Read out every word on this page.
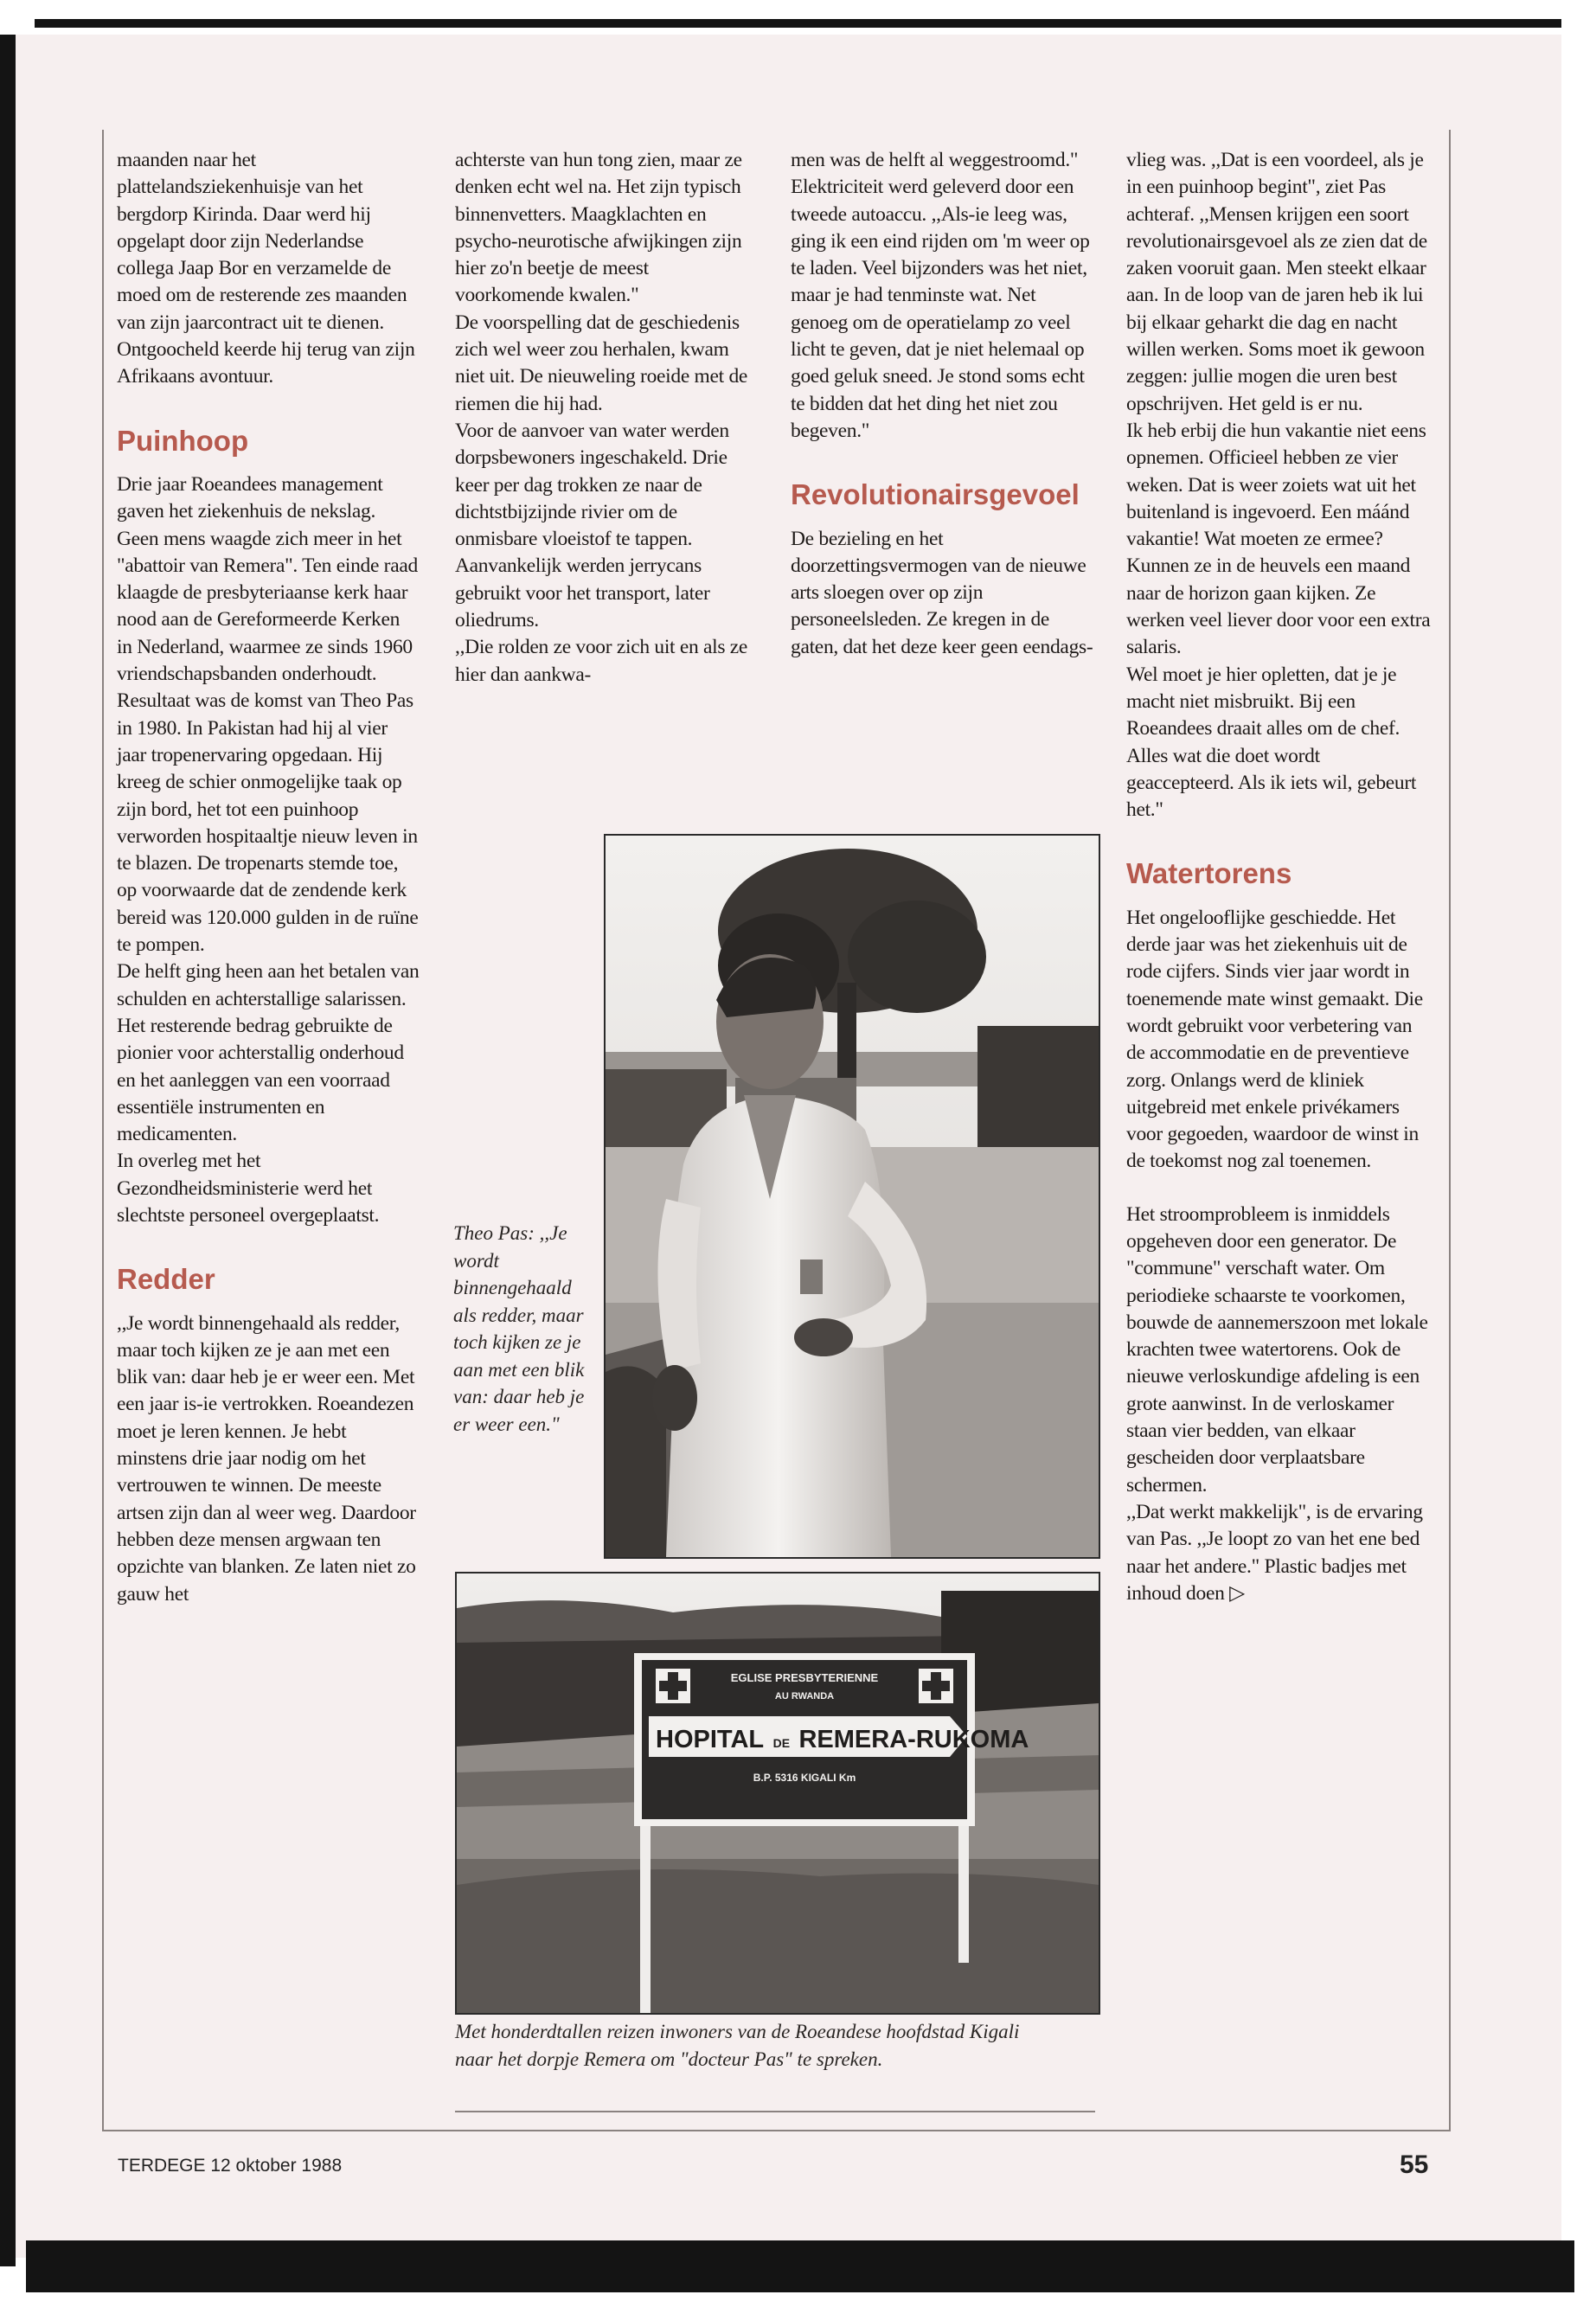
maanden naar het plattelandsziekenhuisje van het bergdorp Kirinda. Daar werd hij opgelapt door zijn Nederlandse collega Jaap Bor en verzamelde de moed om de resterende zes maanden van zijn jaarcontract uit te dienen. Ontgoocheld keerde hij terug van zijn Afrikaans avontuur.

Puinhoop

Drie jaar Roeandees management gaven het ziekenhuis de nekslag. Geen mens waagde zich meer in het "abattoir van Remera". Ten einde raad klaagde de presbyteriaanse kerk haar nood aan de Gereformeerde Kerken in Nederland, waarmee ze sinds 1960 vriendschapsbanden onderhoudt.

Resultaat was de komst van Theo Pas in 1980. In Pakistan had hij al vier jaar tropenervaring opgedaan. Hij kreeg de schier onmogelijke taak op zijn bord, het tot een puinhoop verworden hospitaaltje nieuw leven in te blazen. De tropenarts stemde toe, op voorwaarde dat de zendende kerk bereid was 120.000 gulden in de ruïne te pompen.

De helft ging heen aan het betalen van schulden en achterstallige salarissen. Het resterende bedrag gebruikte de pionier voor achterstallig onderhoud en het aanleggen van een voorraad essentiële instrumenten en medicamenten.

In overleg met het Gezondheidsministerie werd het slechtste personeel overgeplaatst.

Redder

,,Je wordt binnengehaald als redder, maar toch kijken ze je aan met een blik van: daar heb je er weer een. Met een jaar is-ie vertrokken. Roeandezen moet je leren kennen. Je hebt minstens drie jaar nodig om het vertrouwen te winnen. De meeste artsen zijn dan al weer weg. Daardoor hebben deze mensen argwaan ten opzichte van blanken. Ze laten niet zo gauw het

achterste van hun tong zien, maar ze denken echt wel na. Het zijn typisch binnenvetters. Maagklachten en psycho-neurotische afwijkingen zijn hier zo'n beetje de meest voorkomende kwalen."

De voorspelling dat de geschiedenis zich wel weer zou herhalen, kwam niet uit. De nieuweling roeide met de riemen die hij had.

Voor de aanvoer van water werden dorpsbewoners ingeschakeld. Drie keer per dag trokken ze naar de dichtstbijzijnde rivier om de onmisbare vloeistof te tappen. Aanvankelijk werden jerrycans gebruikt voor het transport, later oliedrums.

,,Die rolden ze voor zich uit en als ze hier dan aankwa-

men was de helft al weggestroomd."

Elektriciteit werd geleverd door een tweede autoaccu. ,,Als-ie leeg was, ging ik een eind rijden om 'm weer op te laden. Veel bijzonders was het niet, maar je had tenminste wat. Net genoeg om de operatielamp zo veel licht te geven, dat je niet helemaal op goed geluk sneed. Je stond soms echt te bidden dat het ding het niet zou begeven."

Revolutionairsgevoel

De bezieling en het doorzettingsvermogen van de nieuwe arts sloegen over op zijn personeelsleden. Ze kregen in de gaten, dat het deze keer geen eendags-

vlieg was. ,,Dat is een voordeel, als je in een puinhoop begint", ziet Pas achteraf. ,,Mensen krijgen een soort revolutionairsgevoel als ze zien dat de zaken vooruit gaan. Men steekt elkaar aan. In de loop van de jaren heb ik lui bij elkaar geharkt die dag en nacht willen werken. Soms moet ik gewoon zeggen: jullie mogen die uren best opschrijven. Het geld is er nu.

Ik heb erbij die hun vakantie niet eens opnemen. Officieel hebben ze vier weken. Dat is weer zoiets wat uit het buitenland is ingevoerd. Een máánd vakantie! Wat moeten ze ermee? Kunnen ze in de heuvels een maand naar de horizon gaan kijken. Ze werken veel liever door voor een extra salaris.

Wel moet je hier opletten, dat je je macht niet misbruikt. Bij een Roeandees draait alles om de chef. Alles wat die doet wordt geaccepteerd. Als ik iets wil, gebeurt het."

Watertorens

Het ongelooflijke geschiedde. Het derde jaar was het ziekenhuis uit de rode cijfers. Sinds vier jaar wordt in toenemende mate winst gemaakt. Die wordt gebruikt voor verbetering van de accommodatie en de preventieve zorg. Onlangs werd de kliniek uitgebreid met enkele privékamers voor gegoeden, waardoor de winst in de toekomst nog zal toenemen.

Het stroomprobleem is inmiddels opgeheven door een generator. De "commune" verschaft water. Om periodieke schaarste te voorkomen, bouwde de aannemerszoon met lokale krachten twee watertorens. Ook de nieuwe verloskundige afdeling is een grote aanwinst. In de verloskamer staan vier bedden, van elkaar gescheiden door verplaatsbare schermen.

,,Dat werkt makkelijk", is de ervaring van Pas. ,,Je loopt zo van het ene bed naar het andere." Plastic badjes met inhoud doen ▷

Theo Pas: ,,Je wordt binnengehaald als redder, maar toch kijken ze je aan met een blik van: daar heb je er weer een."
EGLISE PRESBYTERIENNE
AU RWANDA
HOPITAL DE REMERA-RUKOMA
B.P. 5316 KIGALI Km
Met honderdtallen reizen inwoners van de Roeandese hoofdstad Kigali naar het dorpje Remera om "docteur Pas" te spreken.
TERDEGE 12 oktober 1988	55
